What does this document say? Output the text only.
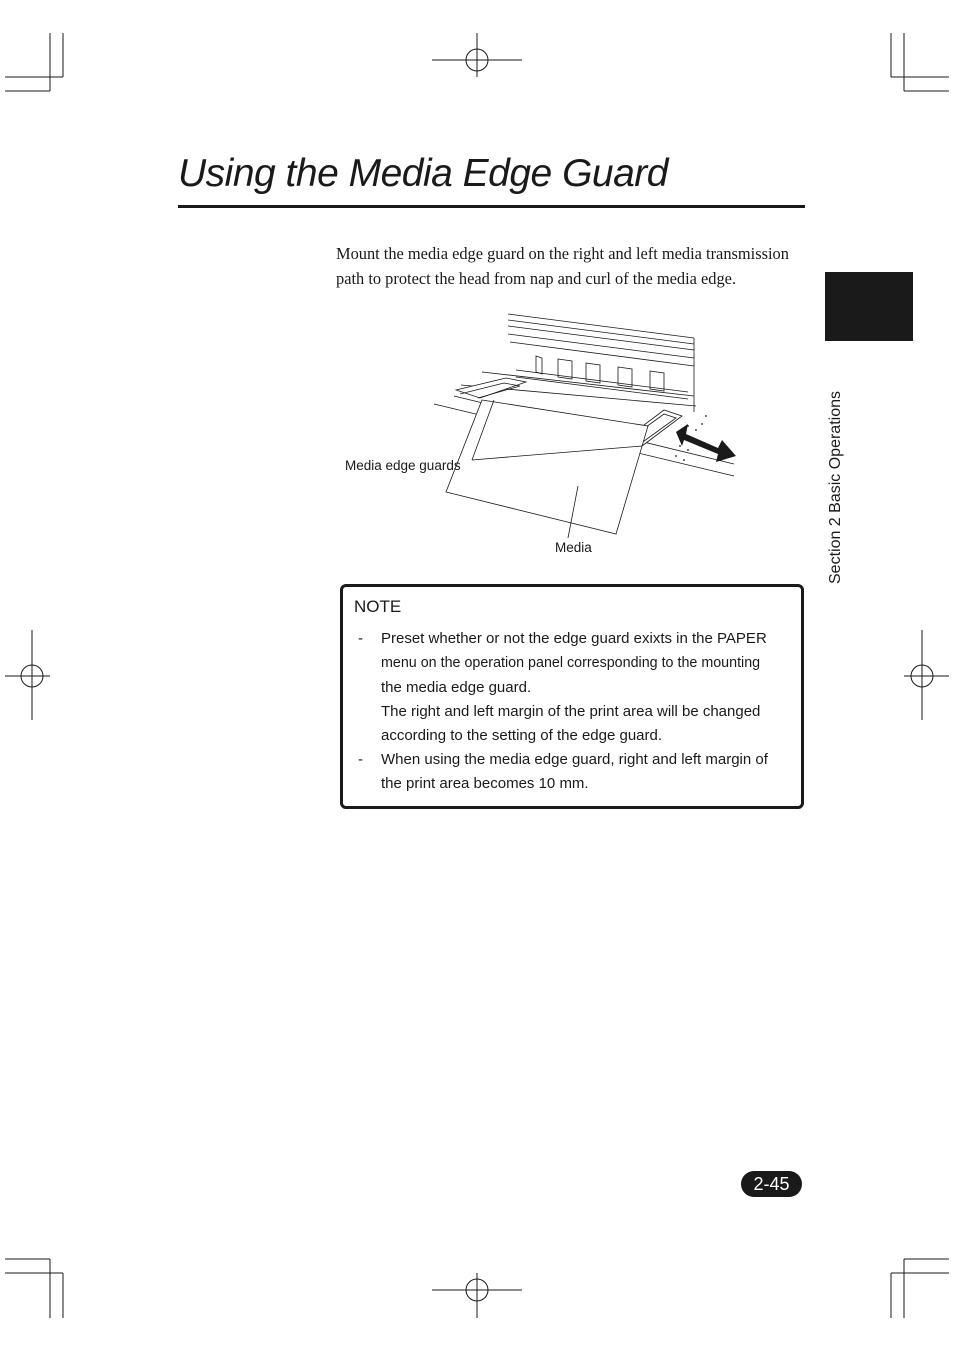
Using the Media Edge Guard
Section 2 Basic Operations
Mount the media edge guard on the right and left media transmission
path to protect the head from nap and curl of the media edge.
Media edge guards
Media
NOTE
- Preset whether or not the edge guard exixts in the PAPER
menu on the operation panel corresponding to the mounting
the media edge guard.
The right and left margin of the print area will be changed
according to the setting of the edge guard.
- When using the media edge guard, right and left margin of
the print area becomes 10 mm.
2-45
